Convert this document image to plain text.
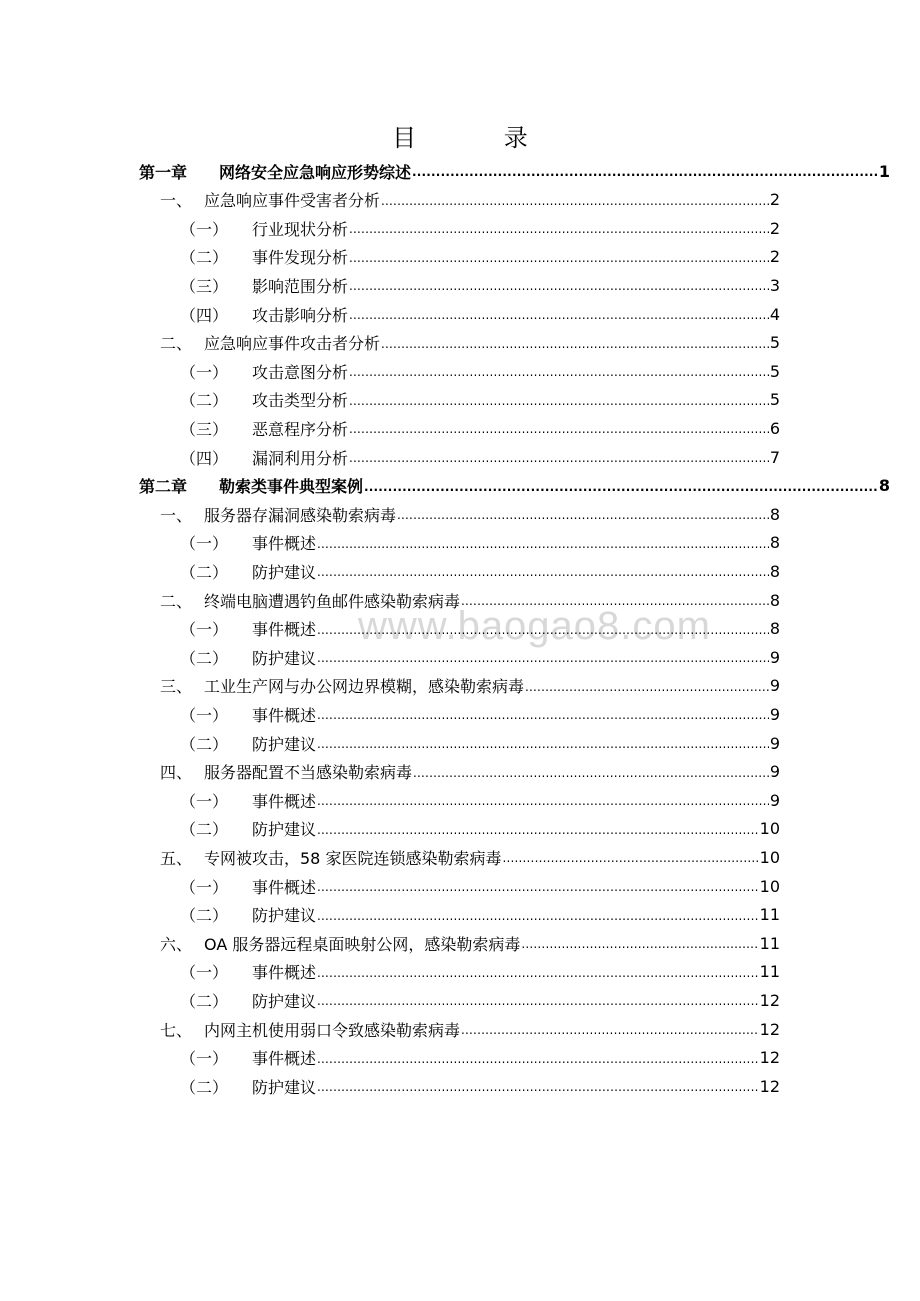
目 录
www.baogao8.com
第一章	网络安全应急响应形势综述 .....	1
一、 应急响应事件受害者分析 .....	2
（一）	行业现状分析 .....	2
（二）	事件发现分析 .....	2
（三）	影响范围分析 .....	3
（四）	攻击影响分析 .....	4
二、 应急响应事件攻击者分析 .....	5
（一）	攻击意图分析 .....	5
（二）	攻击类型分析 .....	5
（三）	恶意程序分析 .....	6
（四）	漏洞利用分析 .....	7
第二章	勒索类事件典型案例 .....	8
一、 服务器存漏洞感染勒索病毒 .....	8
（一）	事件概述 .....	8
（二）	防护建议 .....	8
二、 终端电脑遭遇钓鱼邮件感染勒索病毒 .....	8
（一）	事件概述 .....	8
（二）	防护建议 .....	9
三、 工业生产网与办公网边界模糊，感染勒索病毒 .....	9
（一）	事件概述 .....	9
（二）	防护建议 .....	9
四、 服务器配置不当感染勒索病毒 .....	9
（一）	事件概述 .....	9
（二）	防护建议 .....	10
五、 专网被攻击，58 家医院连锁感染勒索病毒 .....	10
（一）	事件概述 .....	10
（二）	防护建议 .....	11
六、 OA 服务器远程桌面映射公网，感染勒索病毒 .....	11
（一）	事件概述 .....	11
（二）	防护建议 .....	12
七、 内网主机使用弱口令致感染勒索病毒 .....	12
（一）	事件概述 .....	12
（二）	防护建议 .....	12
